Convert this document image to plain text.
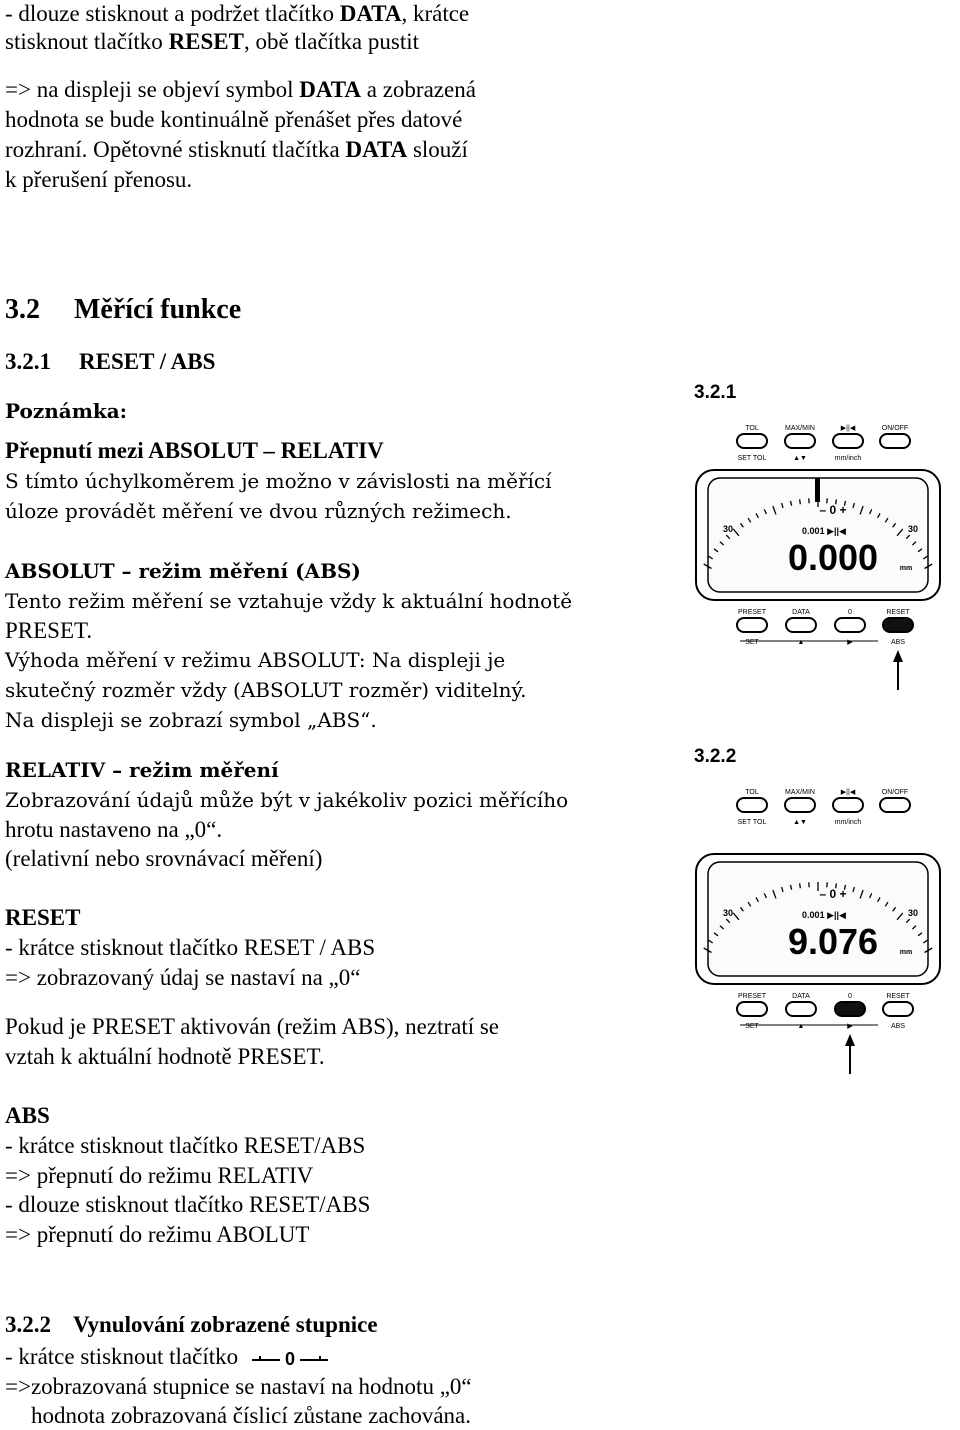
- dlouze stisknout a podržet tlačítko DATA, krátce
stisknout tlačítko RESET, obě tlačítka pustit
=> na displeji se objeví symbol DATA a zobrazená
hodnota se bude kontinuálně přenášet přes datové
rozhraní. Opětovné stisknutí tlačítka DATA slouží
k přerušení přenosu.
3.2 Měřící funkce
3.2.1 RESET / ABS
Poznámka:
Přepnutí mezi ABSOLUT – RELATIV
S tímto úchylkoměrem je možno v závislosti na měřící
úloze provádět měření ve dvou různých režimech.
ABSOLUT – režim měření (ABS)
Tento režim měření se vztahuje vždy k aktuální hodnotě
PRESET.
Výhoda měření v režimu ABSOLUT: Na displeji je
skutečný rozměr vždy (ABSOLUT rozměr) viditelný.
Na displeji se zobrazí symbol „ABS“.
RELATIV – režim měření
Zobrazování údajů může být v jakékoliv pozici měřícího
hrotu nastaveno na „0“.
(relativní nebo srovnávací měření)
RESET
- krátce stisknout tlačítko RESET / ABS
=> zobrazovaný údaj se nastaví na „0“
Pokud je PRESET aktivován (režim ABS), neztratí se
vztah k aktuální hodnotě PRESET.
ABS
- krátce stisknout tlačítko RESET/ABS
=> přepnutí do režimu RELATIV
- dlouze stisknout tlačítko RESET/ABS
=> přepnutí do režimu ABOLUT
3.2.2 Vynulování zobrazené stupnice
- krátce stisknout tlačítko	0
=>zobrazovaná stupnice se nastaví na hodnotu „0“
hodnota zobrazovaná číslicí zůstane zachována.
3.2.1
TOL	MAX/MIN	▶||◀	ON/OFF
SET TOL	▲▼	mm/inch
30	30
– 0 +
0.001 ▶||◀
0.000	mm
PRESET	DATA	0	RESET
SET	▲	▶	ABS
3.2.2
TOL	MAX/MIN	▶||◀	ON/OFF
SET TOL	▲▼	mm/inch
30	30
– 0 +
0.001 ▶||◀
9.076	mm
PRESET	DATA	0	RESET
SET	▲	▶	ABS
